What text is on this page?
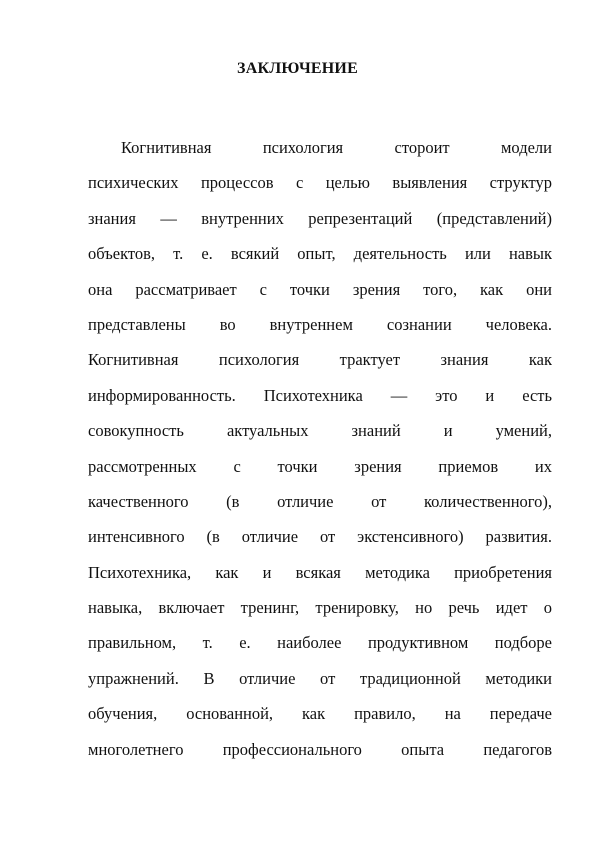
ЗАКЛЮЧЕНИЕ
Когнитивная психология стороит модели
психических процессов с целью выявления структур
знания — внутренних репрезентаций (представлений)
объектов, т. е. всякий опыт, деятельность или навык
она рассматривает с точки зрения того, как они
представлены во внутреннем сознании человека.
Когнитивная психология трактует знания как
информированность. Психотехника — это и есть
совокупность актуальных знаний и умений,
рассмотренных с точки зрения приемов их
качественного (в отличие от количественного),
интенсивного (в отличие от экстенсивного) развития.
Психотехника, как и всякая методика приобретения
навыка, включает тренинг, тренировку, но речь идет о
правильном, т. е. наиболее продуктивном подборе
упражнений. В отличие от традиционной методики
обучения, основанной, как правило, на передаче
многолетнего профессионального опыта педагогов
